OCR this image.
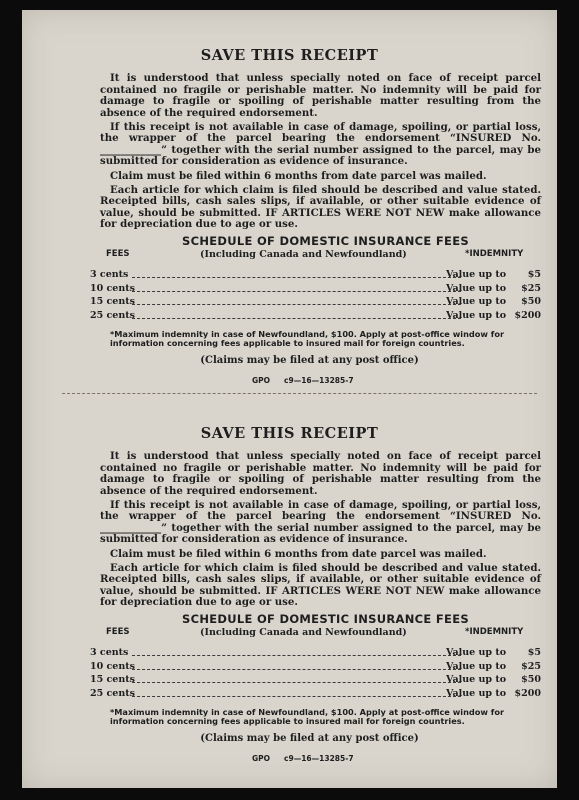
SAVE THIS RECEIPT
It is understood that unless specially noted on face of receipt parcel contained no fragile or perishable matter. No indemnity will be paid for damage to fragile or spoiling of perishable matter resulting from the absence of the required endorsement.
If this receipt is not available in case of damage, spoiling, or partial loss, the wrapper of the parcel bearing the endorsement “INSURED No. ____________” together with the serial number assigned to the parcel, may be submitted for consideration as evidence of insurance.
Claim must be filed within 6 months from date parcel was mailed.
Each article for which claim is filed should be described and value stated. Receipted bills, cash sales slips, if available, or other suitable evidence of value, should be submitted. IF ARTICLES WERE NOT NEW make allowance for depreciation due to age or use.
SCHEDULE OF DOMESTIC INSURANCE FEES
FEES	(Including Canada and Newfoundland)	*INDEMNITY
3 cents	Value up to $5
10 cents	Value up to $25
15 cents	Value up to $50
25 cents	Value up to $200
*Maximum indemnity in case of Newfoundland, $100. Apply at post-office window for information concerning fees applicable to insured mail for foreign countries.
(Claims may be filed at any post office)
GPO c9—16—13285-7
SAVE THIS RECEIPT
It is understood that unless specially noted on face of receipt parcel contained no fragile or perishable matter. No indemnity will be paid for damage to fragile or spoiling of perishable matter resulting from the absence of the required endorsement.
If this receipt is not available in case of damage, spoiling, or partial loss, the wrapper of the parcel bearing the endorsement “INSURED No. ____________” together with the serial number assigned to the parcel, may be submitted for consideration as evidence of insurance.
Claim must be filed within 6 months from date parcel was mailed.
Each article for which claim is filed should be described and value stated. Receipted bills, cash sales slips, if available, or other suitable evidence of value, should be submitted. IF ARTICLES WERE NOT NEW make allowance for depreciation due to age or use.
SCHEDULE OF DOMESTIC INSURANCE FEES
FEES	(Including Canada and Newfoundland)	*INDEMNITY
3 cents	Value up to $5
10 cents	Value up to $25
15 cents	Value up to $50
25 cents	Value up to $200
*Maximum indemnity in case of Newfoundland, $100. Apply at post-office window for information concerning fees applicable to insured mail for foreign countries.
(Claims may be filed at any post office)
GPO c9—16—13285-7
